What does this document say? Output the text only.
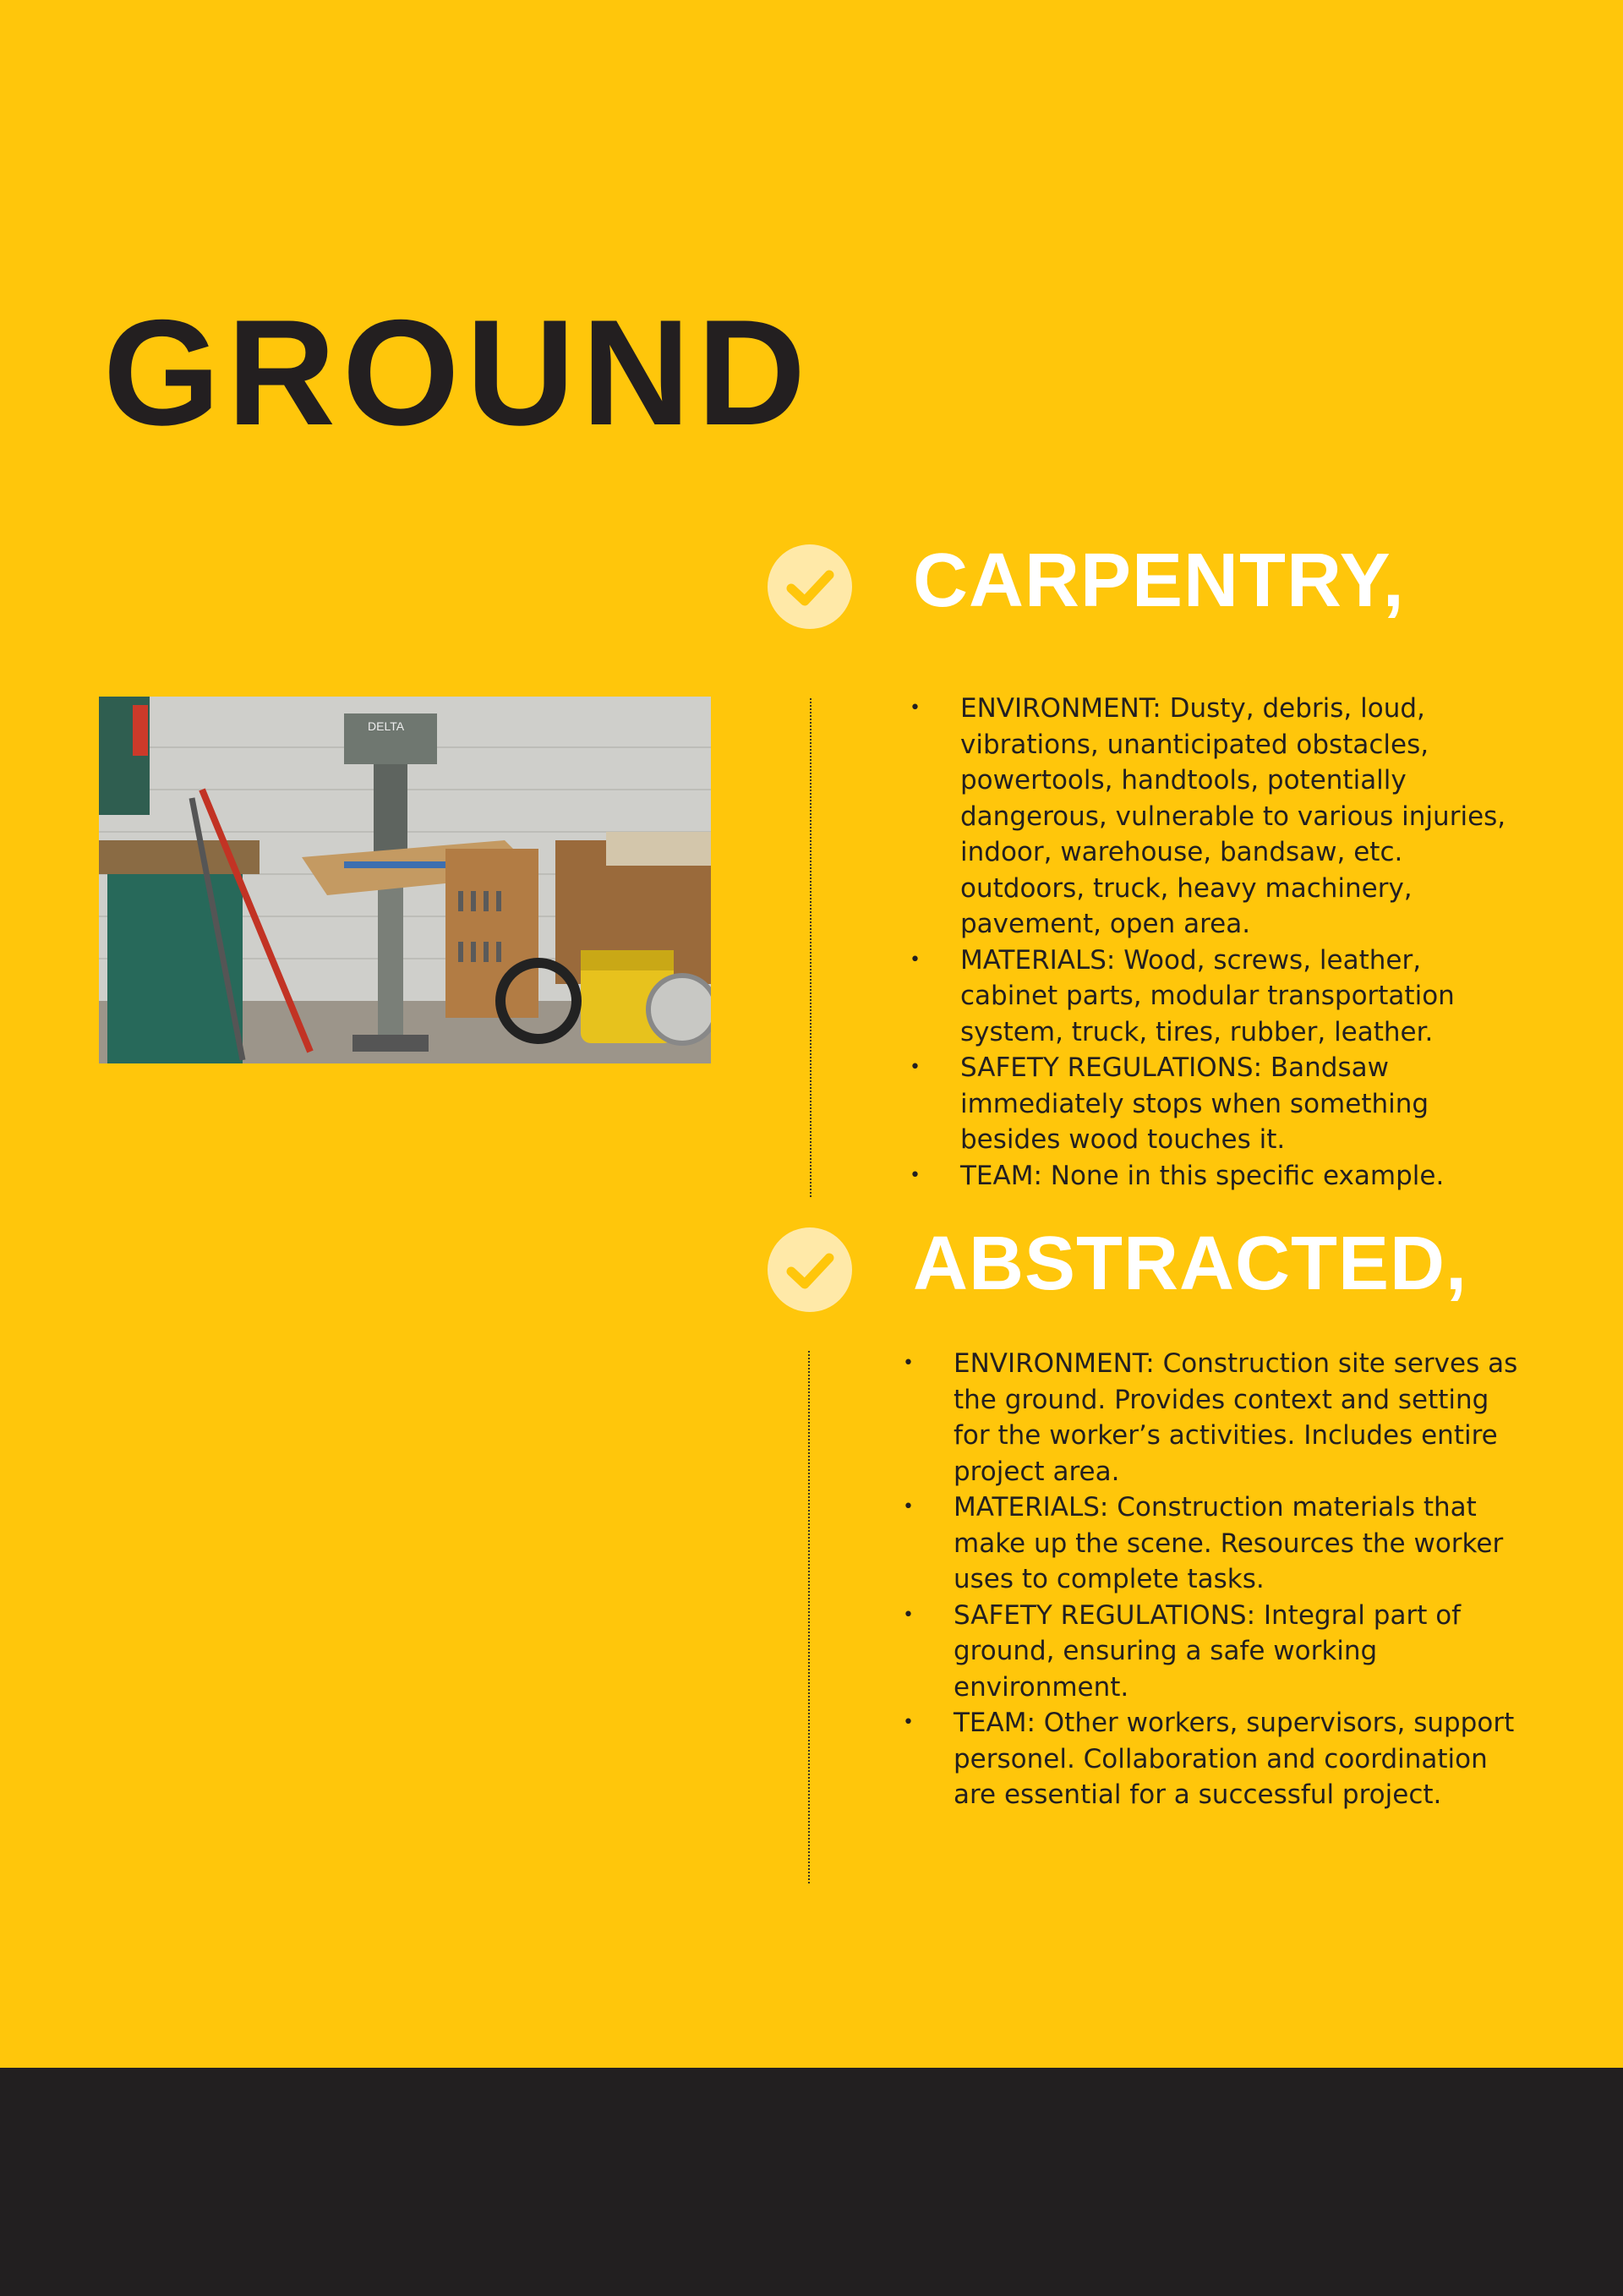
GROUND
DELTA
CARPENTRY,
• ENVIRONMENT: Dusty, debris, loud, vibrations, unanticipated obstacles, powertools, handtools, potentially dangerous, vulnerable to various injuries, indoor, warehouse, bandsaw, etc. outdoors, truck, heavy machinery, pavement, open area.
• MATERIALS: Wood, screws, leather, cabinet parts, modular transportation system, truck, tires, rubber, leather.
• SAFETY REGULATIONS: Bandsaw immediately stops when something besides wood touches it.
• TEAM: None in this specific example.
ABSTRACTED,
• ENVIRONMENT: Construction site serves as the ground. Provides context and setting for the worker’s activities. Includes entire project area.
• MATERIALS: Construction materials that make up the scene. Resources the worker uses to complete tasks.
• SAFETY REGULATIONS: Integral part of ground, ensuring a safe working environment.
• TEAM: Other workers, supervisors, support personel. Collaboration and coordination are essential for a successful project.
